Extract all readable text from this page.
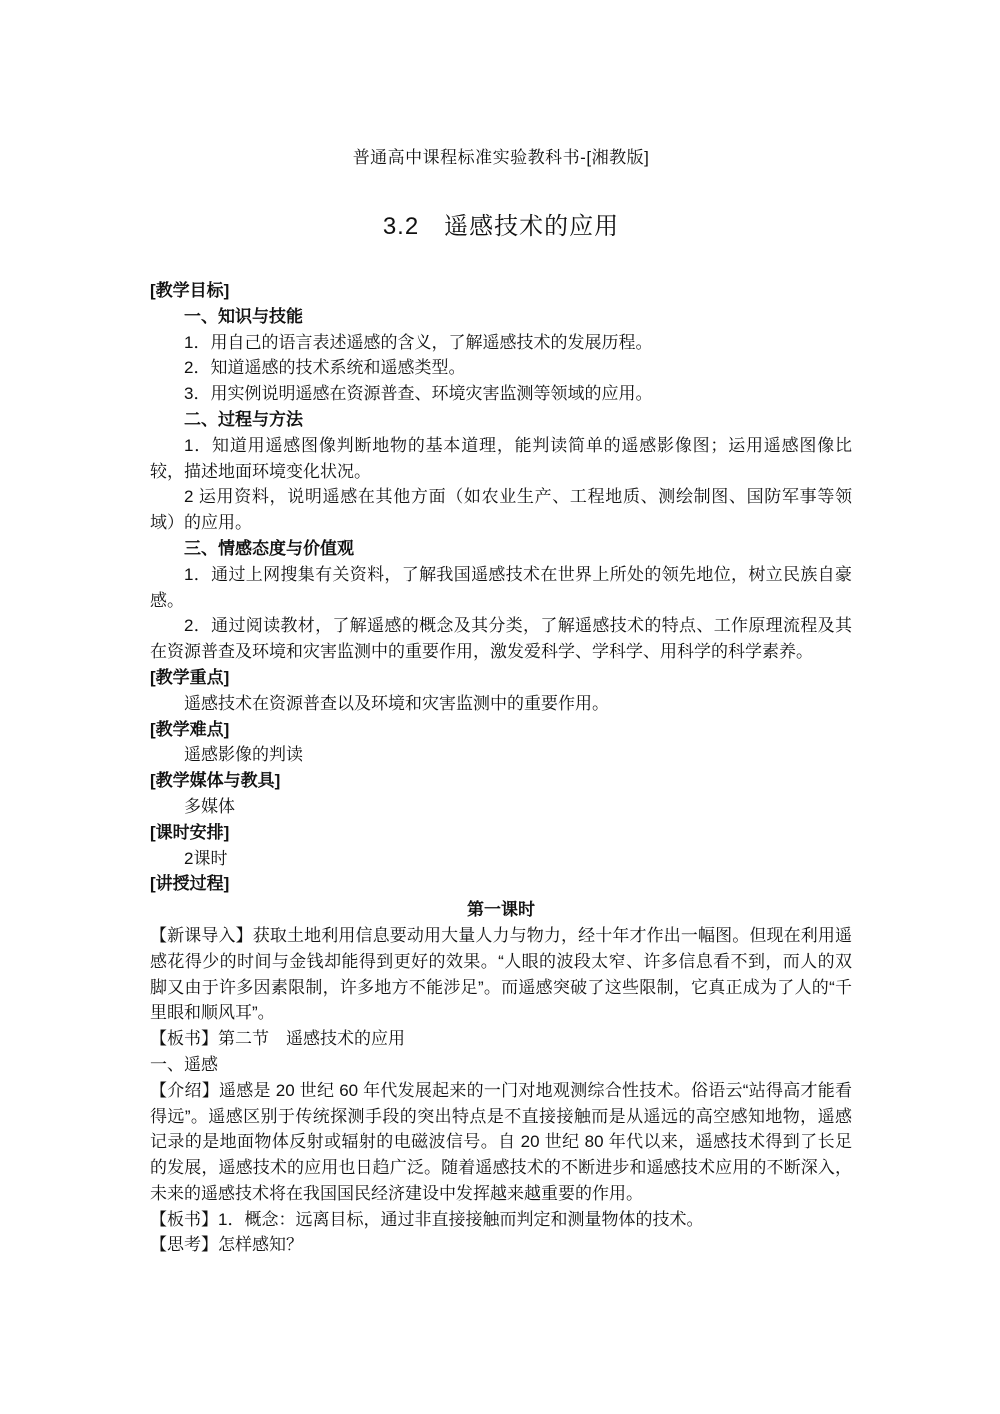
普通高中课程标准实验教科书-[湘教版]

3.2　遥感技术的应用

[教学目标]

一、知识与技能

1．用自己的语言表述遥感的含义，了解遥感技术的发展历程。

2．知道遥感的技术系统和遥感类型。

3．用实例说明遥感在资源普查、环境灾害监测等领域的应用。

二、过程与方法

1．知道用遥感图像判断地物的基本道理，能判读简单的遥感影像图；运用遥感图像比较，描述地面环境变化状况。

2 运用资料，说明遥感在其他方面（如农业生产、工程地质、测绘制图、国防军事等领域）的应用。

三、情感态度与价值观

1．通过上网搜集有关资料，了解我国遥感技术在世界上所处的领先地位，树立民族自豪感。

2．通过阅读教材，了解遥感的概念及其分类，了解遥感技术的特点、工作原理流程及其在资源普查及环境和灾害监测中的重要作用，激发爱科学、学科学、用科学的科学素养。

[教学重点]

遥感技术在资源普查以及环境和灾害监测中的重要作用。

[教学难点]

遥感影像的判读

[教学媒体与教具]

多媒体

[课时安排]

2课时

[讲授过程]

第一课时

【新课导入】获取土地利用信息要动用大量人力与物力，经十年才作出一幅图。但现在利用遥感花得少的时间与金钱却能得到更好的效果。“人眼的波段太窄、许多信息看不到，而人的双脚又由于许多因素限制，许多地方不能涉足”。而遥感突破了这些限制，它真正成为了人的“千里眼和顺风耳”。

【板书】第二节　遥感技术的应用

一、遥感

【介绍】遥感是 20 世纪 60 年代发展起来的一门对地观测综合性技术。俗语云“站得高才能看得远”。遥感区别于传统探测手段的突出特点是不直接接触而是从遥远的高空感知地物，遥感记录的是地面物体反射或辐射的电磁波信号。自 20 世纪 80 年代以来，遥感技术得到了长足的发展，遥感技术的应用也日趋广泛。随着遥感技术的不断进步和遥感技术应用的不断深入，未来的遥感技术将在我国国民经济建设中发挥越来越重要的作用。

【板书】1．概念：远离目标，通过非直接接触而判定和测量物体的技术。

【思考】怎样感知？
